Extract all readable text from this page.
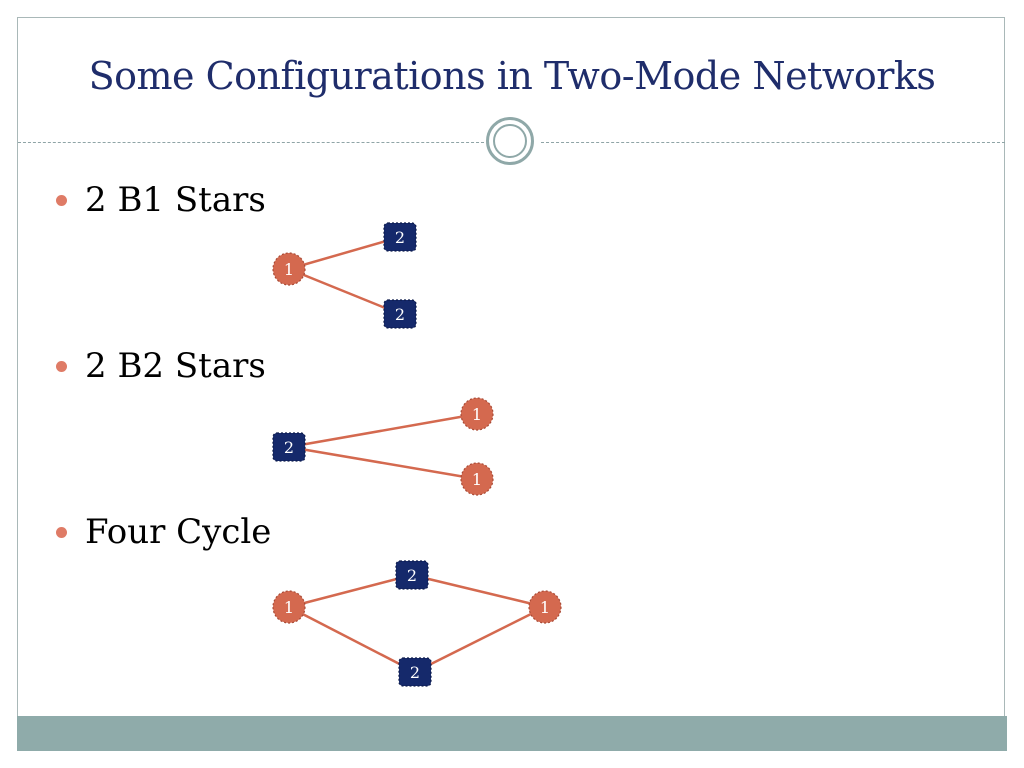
Some Configurations in Two-Mode Networks
2 B1 Stars
2 B2 Stars
Four Cycle
1
2
2
2
1
1
1
2
1
2
